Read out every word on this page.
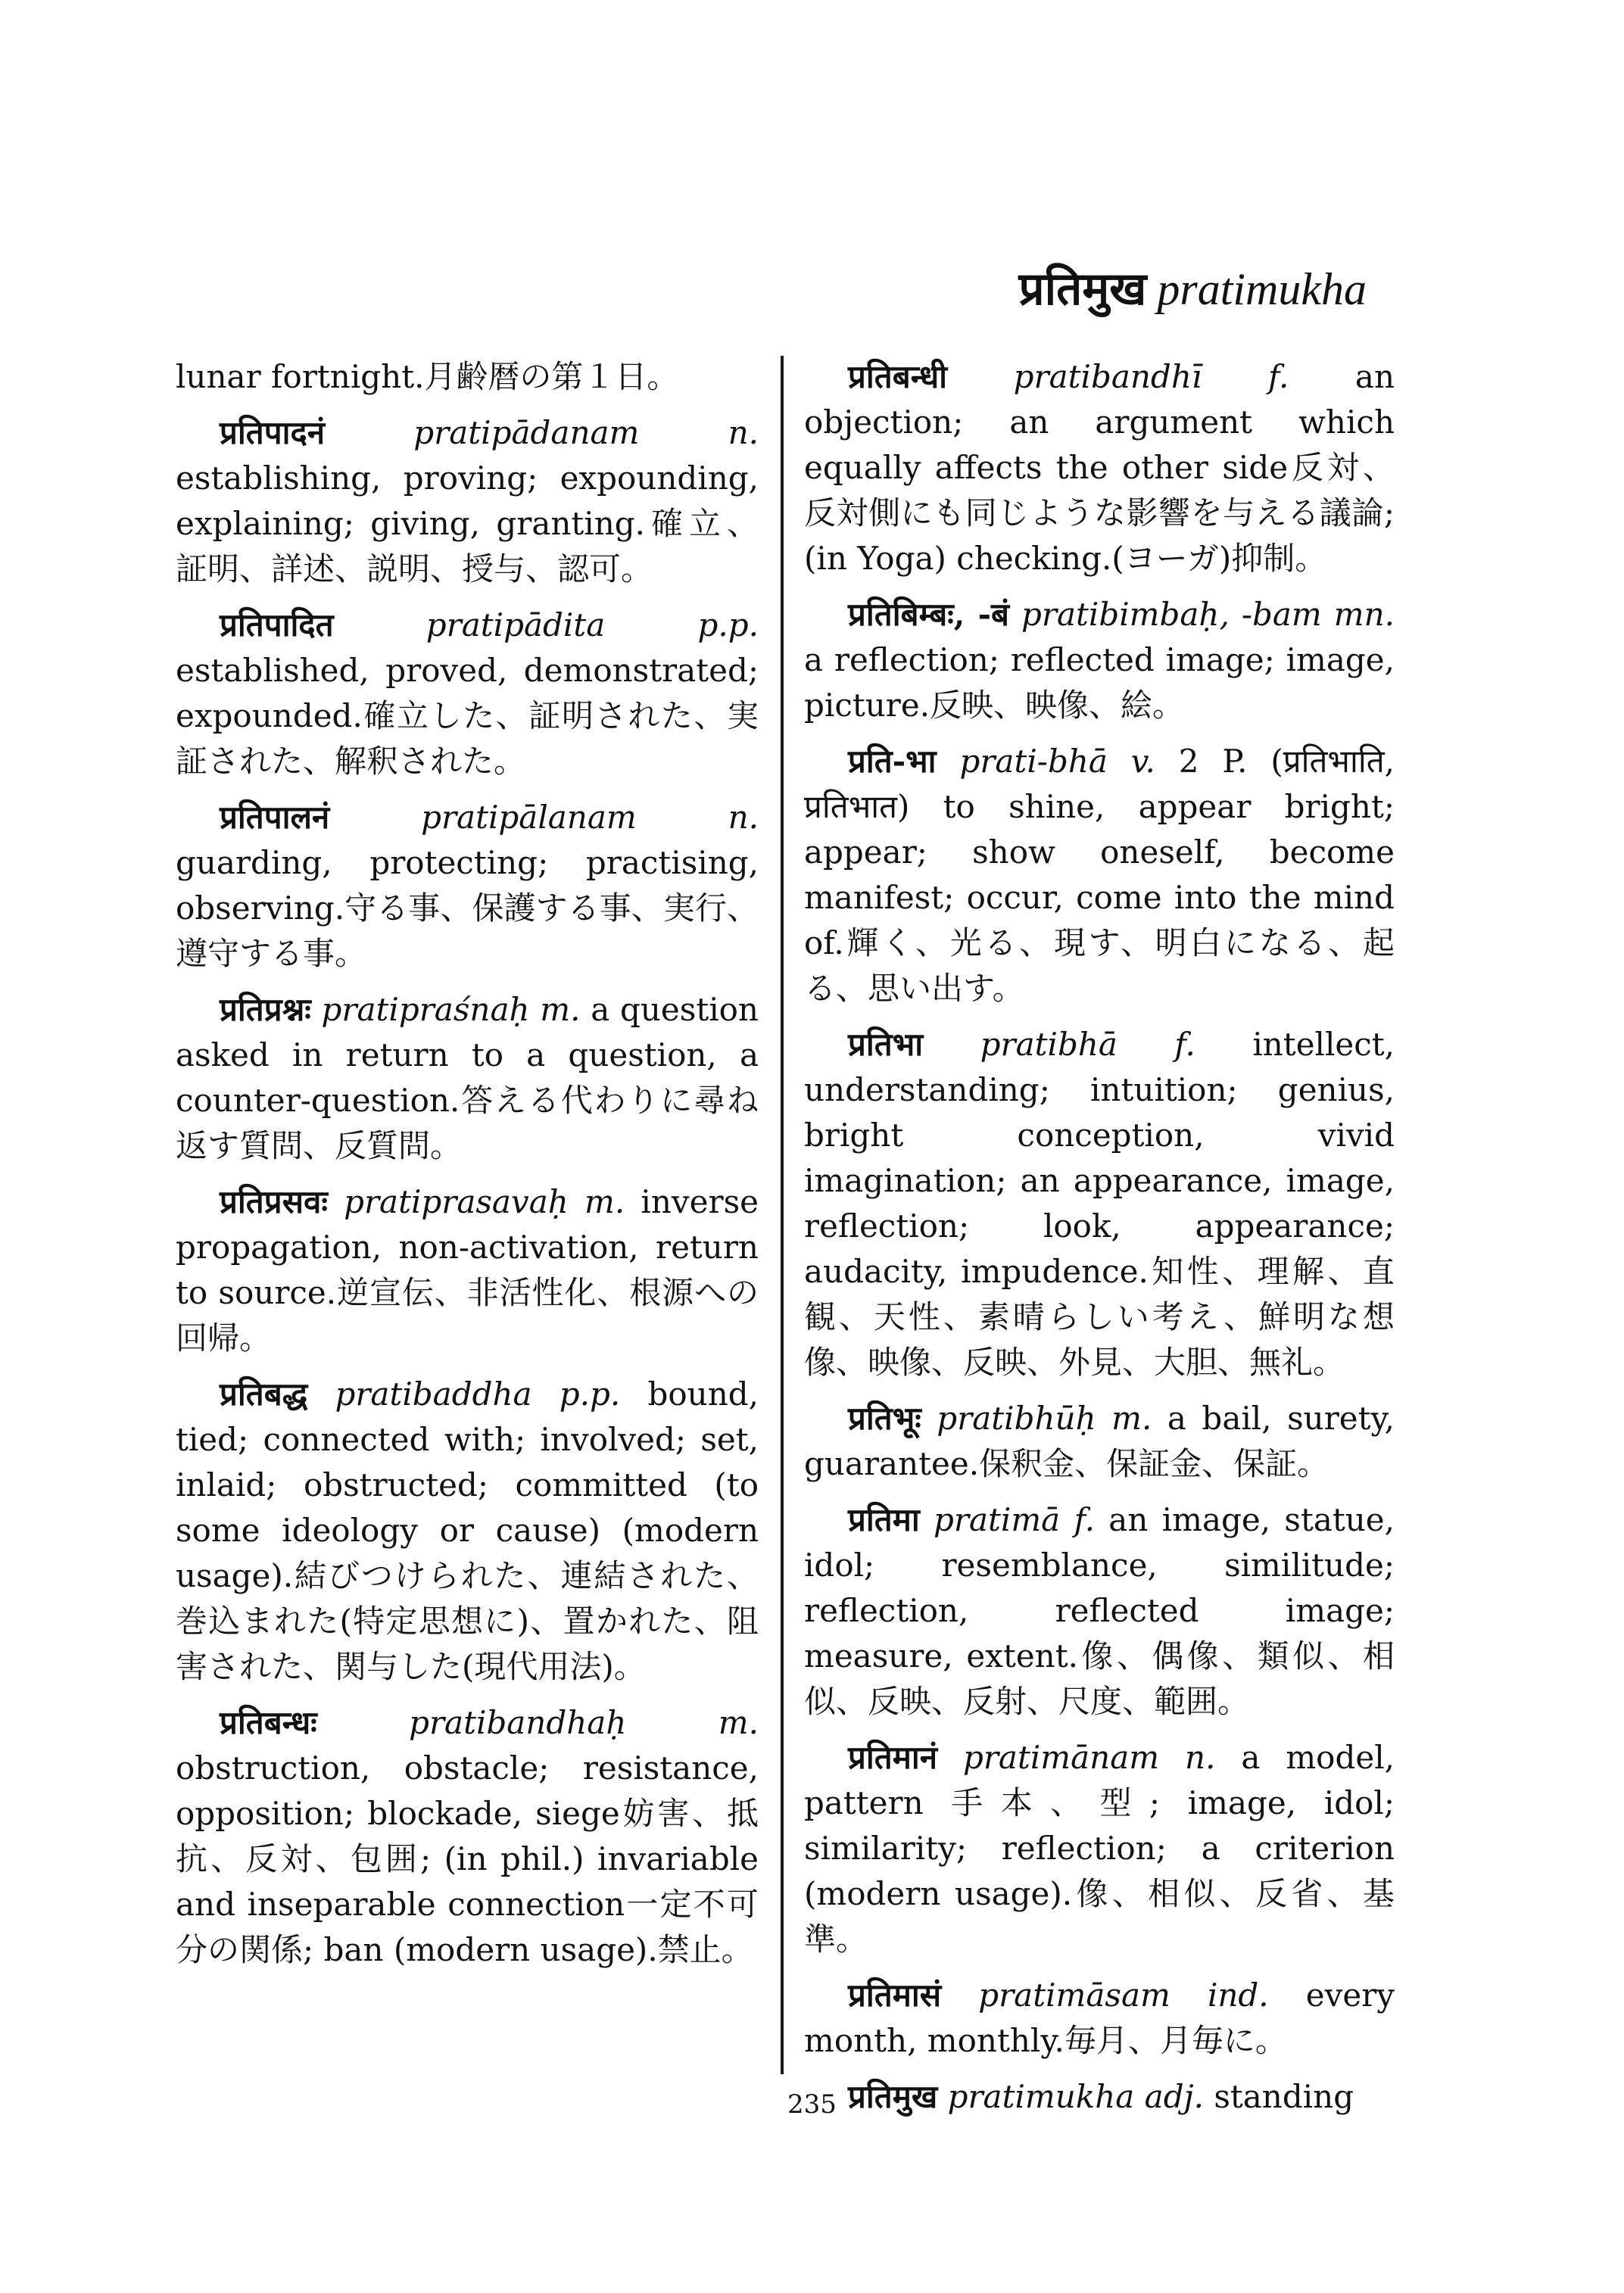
प्रतिमुख pratimukha

lunar fortnight.月齢暦の第１日。

प्रतिपादनं	pratipādanam	n. establishing, proving; expounding, explaining; giving, granting.確立、証明、詳述、説明、授与、認可。

प्रतिपादित	pratipādita	p.p. established, proved, demonstrated; expounded.確立した、証明された、実証された、解釈された。

प्रतिपालनं	pratipālanam	n. guarding, protecting; practising, observing.守る事、保護する事、実行、遵守する事。

प्रतिप्रश्नः pratipraśnaḥ m. a question asked in return to a question, a counter-question.答える代わりに尋ね返す質問、反質問。

प्रतिप्रसवः pratiprasavaḥ m. inverse propagation, non-activation, return to source.逆宣伝、非活性化、根源への回帰。

प्रतिबद्ध pratibaddha p.p. bound, tied; connected with; involved; set, inlaid; obstructed; committed (to some ideology or cause) (modern usage).結びつけられた、連結された、巻込まれた(特定思想に)、置かれた、阻害された、関与した(現代用法)。

प्रतिबन्धः	pratibandhaḥ	m. obstruction, obstacle; resistance, opposition; blockade, siege妨害、抵抗、反対、包囲; (in phil.) invariable and inseparable connection一定不可分の関係; ban (modern usage).禁止。

प्रतिबन्धी pratibandhī f. an objection; an argument which equally affects the other side反対、反対側にも同じような影響を与える議論; (in Yoga) checking.(ヨーガ)抑制。

प्रतिबिम्बः, -बं pratibimbaḥ, -bam mn. a reflection; reflected image; image, picture.反映、映像、絵。

प्रति-भा prati-bhā v. 2 P. (प्रतिभाति, प्रतिभात) to shine, appear bright; appear; show oneself, become manifest; occur, come into the mind of.輝く、光る、現す、明白になる、起る、思い出す。

प्रतिभा pratibhā f. intellect, understanding; intuition; genius, bright conception, vivid imagination; an appearance, image, reflection; look, appearance; audacity, impudence.知性、理解、直観、天性、素晴らしい考え、鮮明な想像、映像、反映、外見、大胆、無礼。

प्रतिभूः pratibhūḥ m. a bail, surety, guarantee.保釈金、保証金、保証。

प्रतिमा pratimā f. an image, statue, idol; resemblance, similitude; reflection, reflected image; measure, extent.像、偶像、類似、相似、反映、反射、尺度、範囲。

प्रतिमानं pratimānam n. a model, pattern 手本、型; image, idol; similarity; reflection; a criterion (modern usage).像、相似、反省、基準。

प्रतिमासं pratimāsam ind. every month, monthly.毎月、月毎に。

प्रतिमुख pratimukha adj. standing

235
